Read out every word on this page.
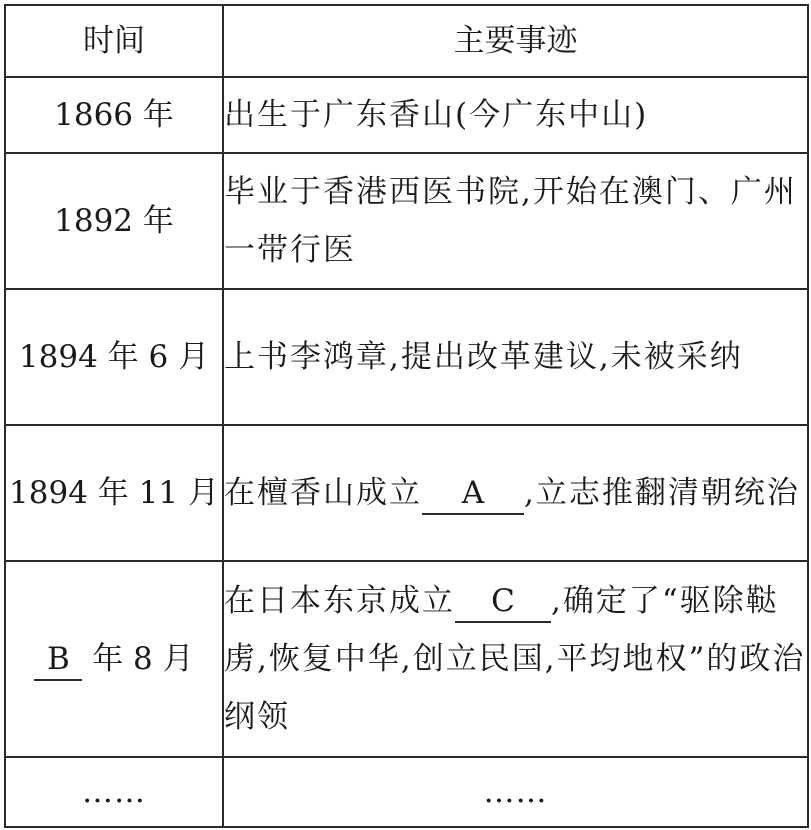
时间	主要事迹
1866 年	出生于广东香山(今广东中山)
1892 年	毕业于香港西医书院,开始在澳门、广州一带行医
1894 年 6 月	上书李鸿章,提出改革建议,未被采纳
1894 年 11 月	在檀香山成立 A ,立志推翻清朝统治
B 年 8 月	在日本东京成立 C ,确定了“驱除鞑虏,恢复中华,创立民国,平均地权”的政治纲领
……	……
